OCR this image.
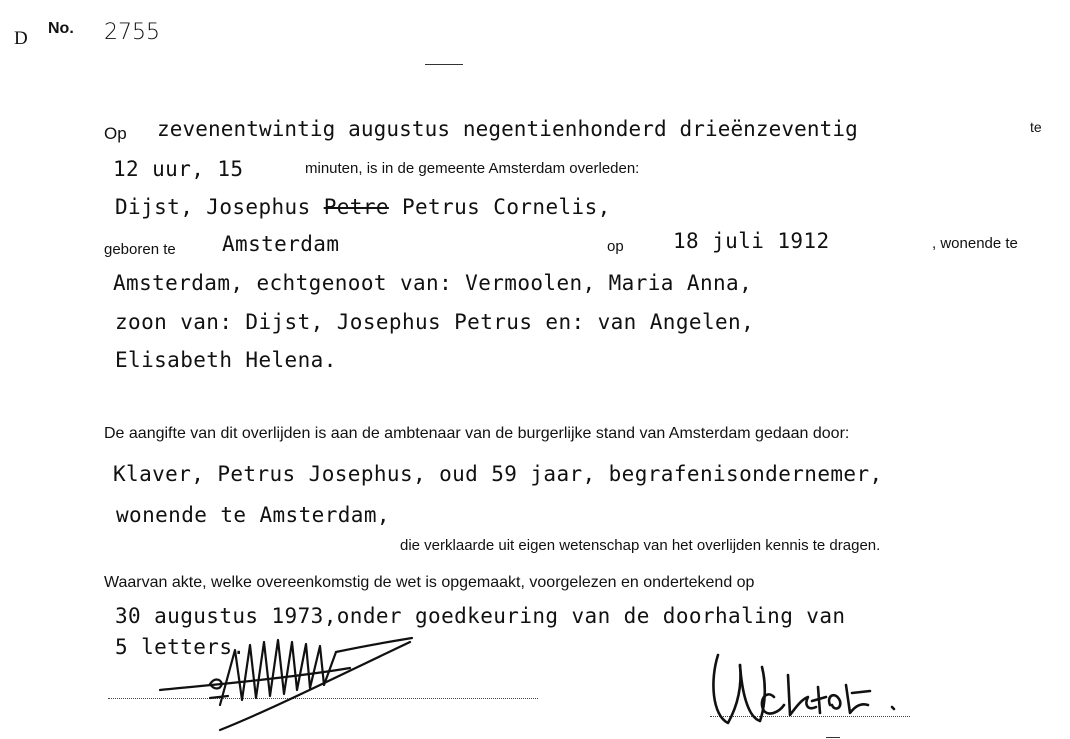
D No. 2755
Op zevenentwintig augustus negentienhonderd drieënzeventig	te
12 uur, 15	minuten, is in de gemeente Amsterdam overleden:
Dijst, Josephus Petre Petrus Cornelis,
geboren te Amsterdam	op 18 juli 1912	, wonende te
Amsterdam, echtgenoot van: Vermoolen, Maria Anna,
zoon van: Dijst, Josephus Petrus en: van Angelen,
Elisabeth Helena.
De aangifte van dit overlijden is aan de ambtenaar van de burgerlijke stand van Amsterdam gedaan door:
Klaver, Petrus Josephus, oud 59 jaar, begrafenisondernemer,
wonende te Amsterdam,
die verklaarde uit eigen wetenschap van het overlijden kennis te dragen.
Waarvan akte, welke overeenkomstig de wet is opgemaakt, voorgelezen en ondertekend op
30 augustus 1973,onder goedkeuring van de doorhaling van
5 letters.
